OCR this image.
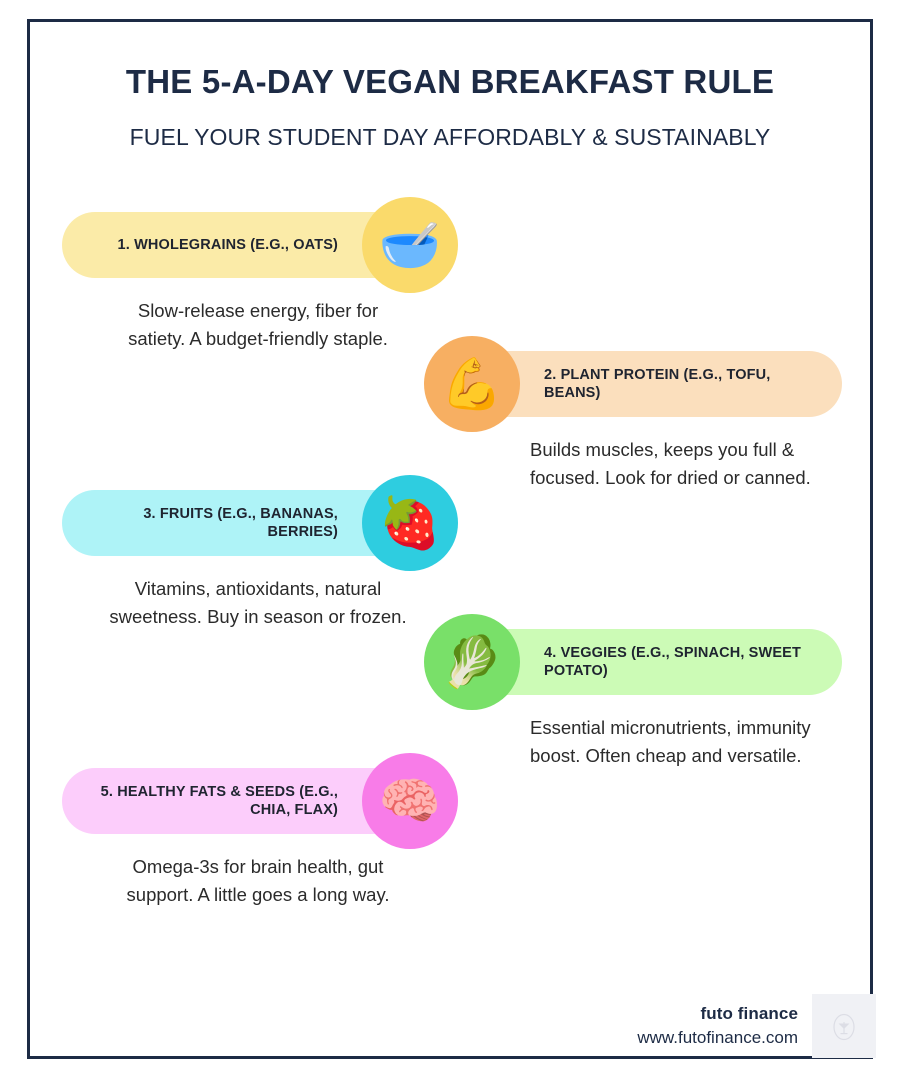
THE 5-A-DAY VEGAN BREAKFAST RULE
FUEL YOUR STUDENT DAY AFFORDABLY & SUSTAINABLY
1. WHOLEGRAINS (E.G., OATS) 🥣
Slow-release energy, fiber for satiety. A budget-friendly staple.
2. PLANT PROTEIN (E.G., TOFU, BEANS)
💪
Builds muscles, keeps you full & focused. Look for dried or canned.
3. FRUITS (E.G., BANANAS, BERRIES) 🍓
Vitamins, antioxidants, natural sweetness. Buy in season or frozen.
4. VEGGIES (E.G., SPINACH, SWEET POTATO)
🥬
Essential micronutrients, immunity boost. Often cheap and versatile.
5. HEALTHY FATS & SEEDS (E.G., CHIA, FLAX) 🧠
Omega-3s for brain health, gut support. A little goes a long way.
futo finance
www.futofinance.com
